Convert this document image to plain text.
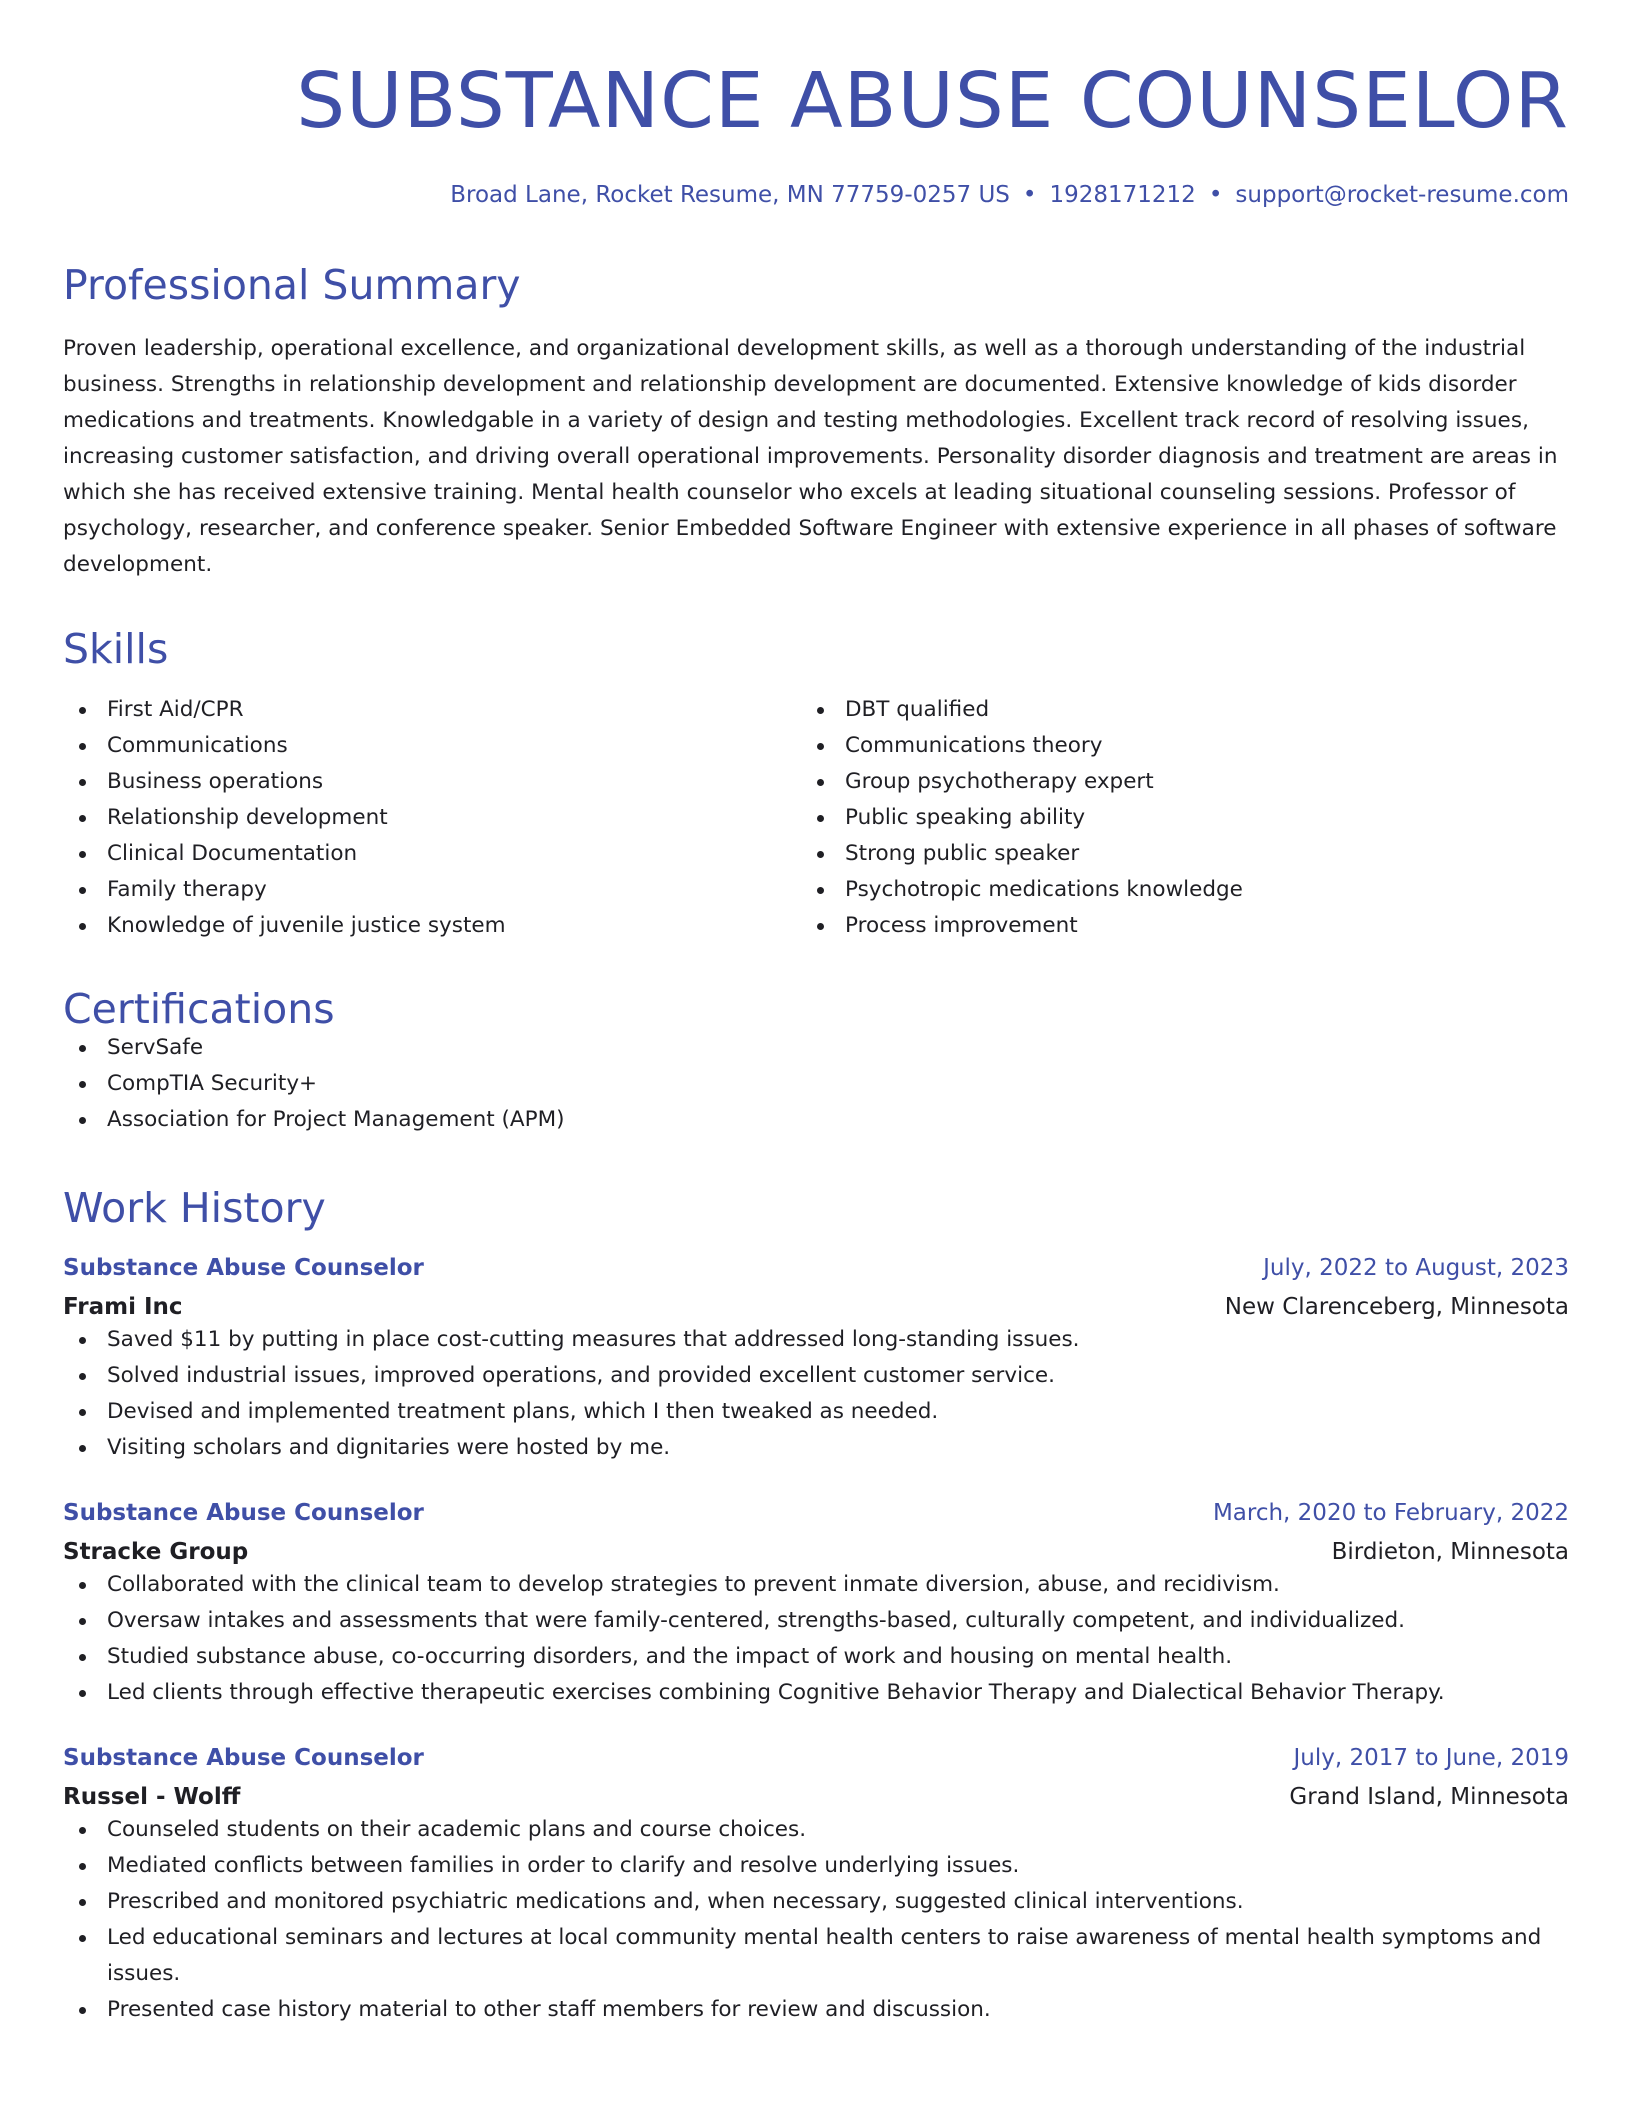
SUBSTANCE ABUSE COUNSELOR
Broad Lane, Rocket Resume, MN 77759-0257 US • 1928171212 • support@rocket-resume.com
Professional Summary
Proven leadership, operational excellence, and organizational development skills, as well as a thorough understanding of the industrial business. Strengths in relationship development and relationship development are documented. Extensive knowledge of kids disorder medications and treatments. Knowledgable in a variety of design and testing methodologies. Excellent track record of resolving issues, increasing customer satisfaction, and driving overall operational improvements. Personality disorder diagnosis and treatment are areas in which she has received extensive training. Mental health counselor who excels at leading situational counseling sessions. Professor of psychology, researcher, and conference speaker. Senior Embedded Software Engineer with extensive experience in all phases of software development.
Skills
First Aid/CPR
Communications
Business operations
Relationship development
Clinical Documentation
Family therapy
Knowledge of juvenile justice system
DBT qualified
Communications theory
Group psychotherapy expert
Public speaking ability
Strong public speaker
Psychotropic medications knowledge
Process improvement
Certifications
ServSafe
CompTIA Security+
Association for Project Management (APM)
Work History
Substance Abuse Counselor	July, 2022 to August, 2023
Frami Inc	New Clarenceberg, Minnesota
Saved $11 by putting in place cost-cutting measures that addressed long-standing issues.
Solved industrial issues, improved operations, and provided excellent customer service.
Devised and implemented treatment plans, which I then tweaked as needed.
Visiting scholars and dignitaries were hosted by me.
Substance Abuse Counselor	March, 2020 to February, 2022
Stracke Group	Birdieton, Minnesota
Collaborated with the clinical team to develop strategies to prevent inmate diversion, abuse, and recidivism.
Oversaw intakes and assessments that were family-centered, strengths-based, culturally competent, and individualized.
Studied substance abuse, co-occurring disorders, and the impact of work and housing on mental health.
Led clients through effective therapeutic exercises combining Cognitive Behavior Therapy and Dialectical Behavior Therapy.
Substance Abuse Counselor	July, 2017 to June, 2019
Russel - Wolff	Grand Island, Minnesota
Counseled students on their academic plans and course choices.
Mediated conflicts between families in order to clarify and resolve underlying issues.
Prescribed and monitored psychiatric medications and, when necessary, suggested clinical interventions.
Led educational seminars and lectures at local community mental health centers to raise awareness of mental health symptoms and issues.
Presented case history material to other staff members for review and discussion.
